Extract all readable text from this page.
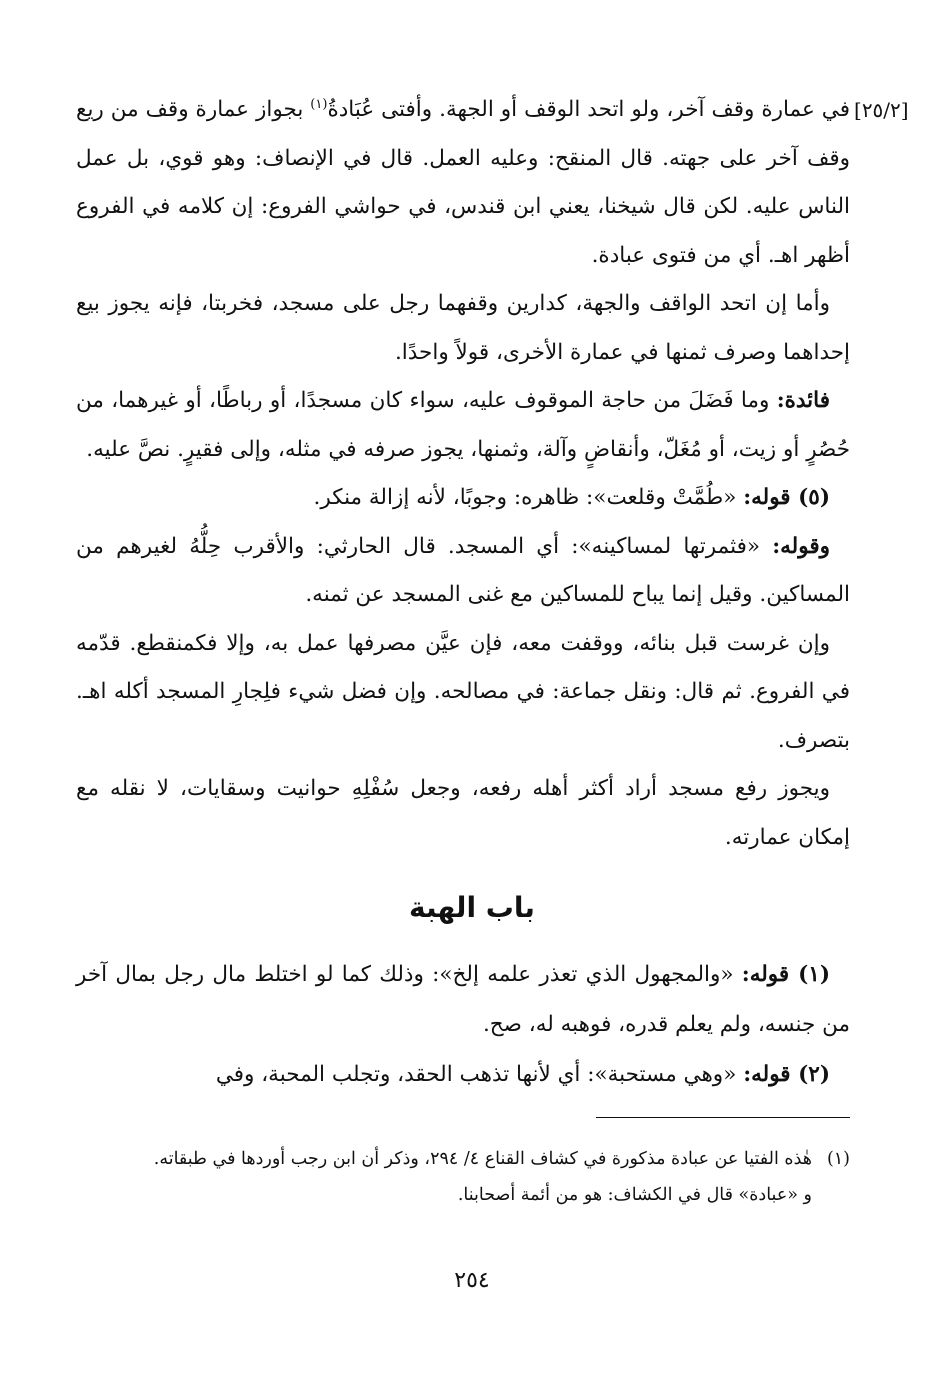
[٢٥/٢]

في عمارة وقف آخر، ولو اتحد الوقف أو الجهة. وأفتى عُبَادةُ$^{(١)}$ بجواز عمارة وقف من ريع وقف آخر على جهته. قال المنقح: وعليه العمل. قال في الإنصاف: وهو قوي، بل عمل الناس عليه. لكن قال شيخنا، يعني ابن قندس، في حواشي الفروع: إن كلامه في الفروع أظهر اهـ. أي من فتوى عبادة.

وأما إن اتحد الواقف والجهة، كدارين وقفهما رجل على مسجد، فخربتا، فإنه يجوز بيع إحداهما وصرف ثمنها في عمارة الأخرى، قولاً واحدًا.

فائدة: وما فَضَلَ من حاجة الموقوف عليه، سواء كان مسجدًا، أو رباطًا، أو غيرهما، من حُصُرٍ أو زيت، أو مُغَلّ، وأنقاضٍ وآلة، وثمنها، يجوز صرفه في مثله، وإلى فقيرٍ. نصَّ عليه.

(٥) قوله: «طُمَّتْ وقلعت»: ظاهره: وجوبًا، لأنه إزالة منكر.

وقوله: «فثمرتها لمساكينه»: أي المسجد. قال الحارثي: والأقرب حِلُّهُ لغيرهم من المساكين. وقيل إنما يباح للمساكين مع غنى المسجد عن ثمنه.

وإن غرست قبل بنائه، ووقفت معه، فإن عيَّن مصرفها عمل به، وإلا فكمنقطع. قدّمه في الفروع. ثم قال: ونقل جماعة: في مصالحه. وإن فضل شيء فلِجارِ المسجد أكله اهـ. بتصرف.

ويجوز رفع مسجد أراد أكثر أهله رفعه، وجعل سُفْلِهِ حوانيت وسقايات، لا نقله مع إمكان عمارته.

باب الهبة

(١) قوله: «والمجهول الذي تعذر علمه إلخ»: وذلك كما لو اختلط مال رجل بمال آخر من جنسه، ولم يعلم قدره، فوهبه له، صح.

(٢) قوله: «وهي مستحبة»: أي لأنها تذهب الحقد، وتجلب المحبة، وفي

(١)هٰذه الفتيا عن عبادة مذكورة في كشاف القناع ٤/ ٢٩٤، وذكر أن ابن رجب أوردها في طبقاته.

و «عبادة» قال في الكشاف: هو من أئمة أصحابنا.

٢٥٤
